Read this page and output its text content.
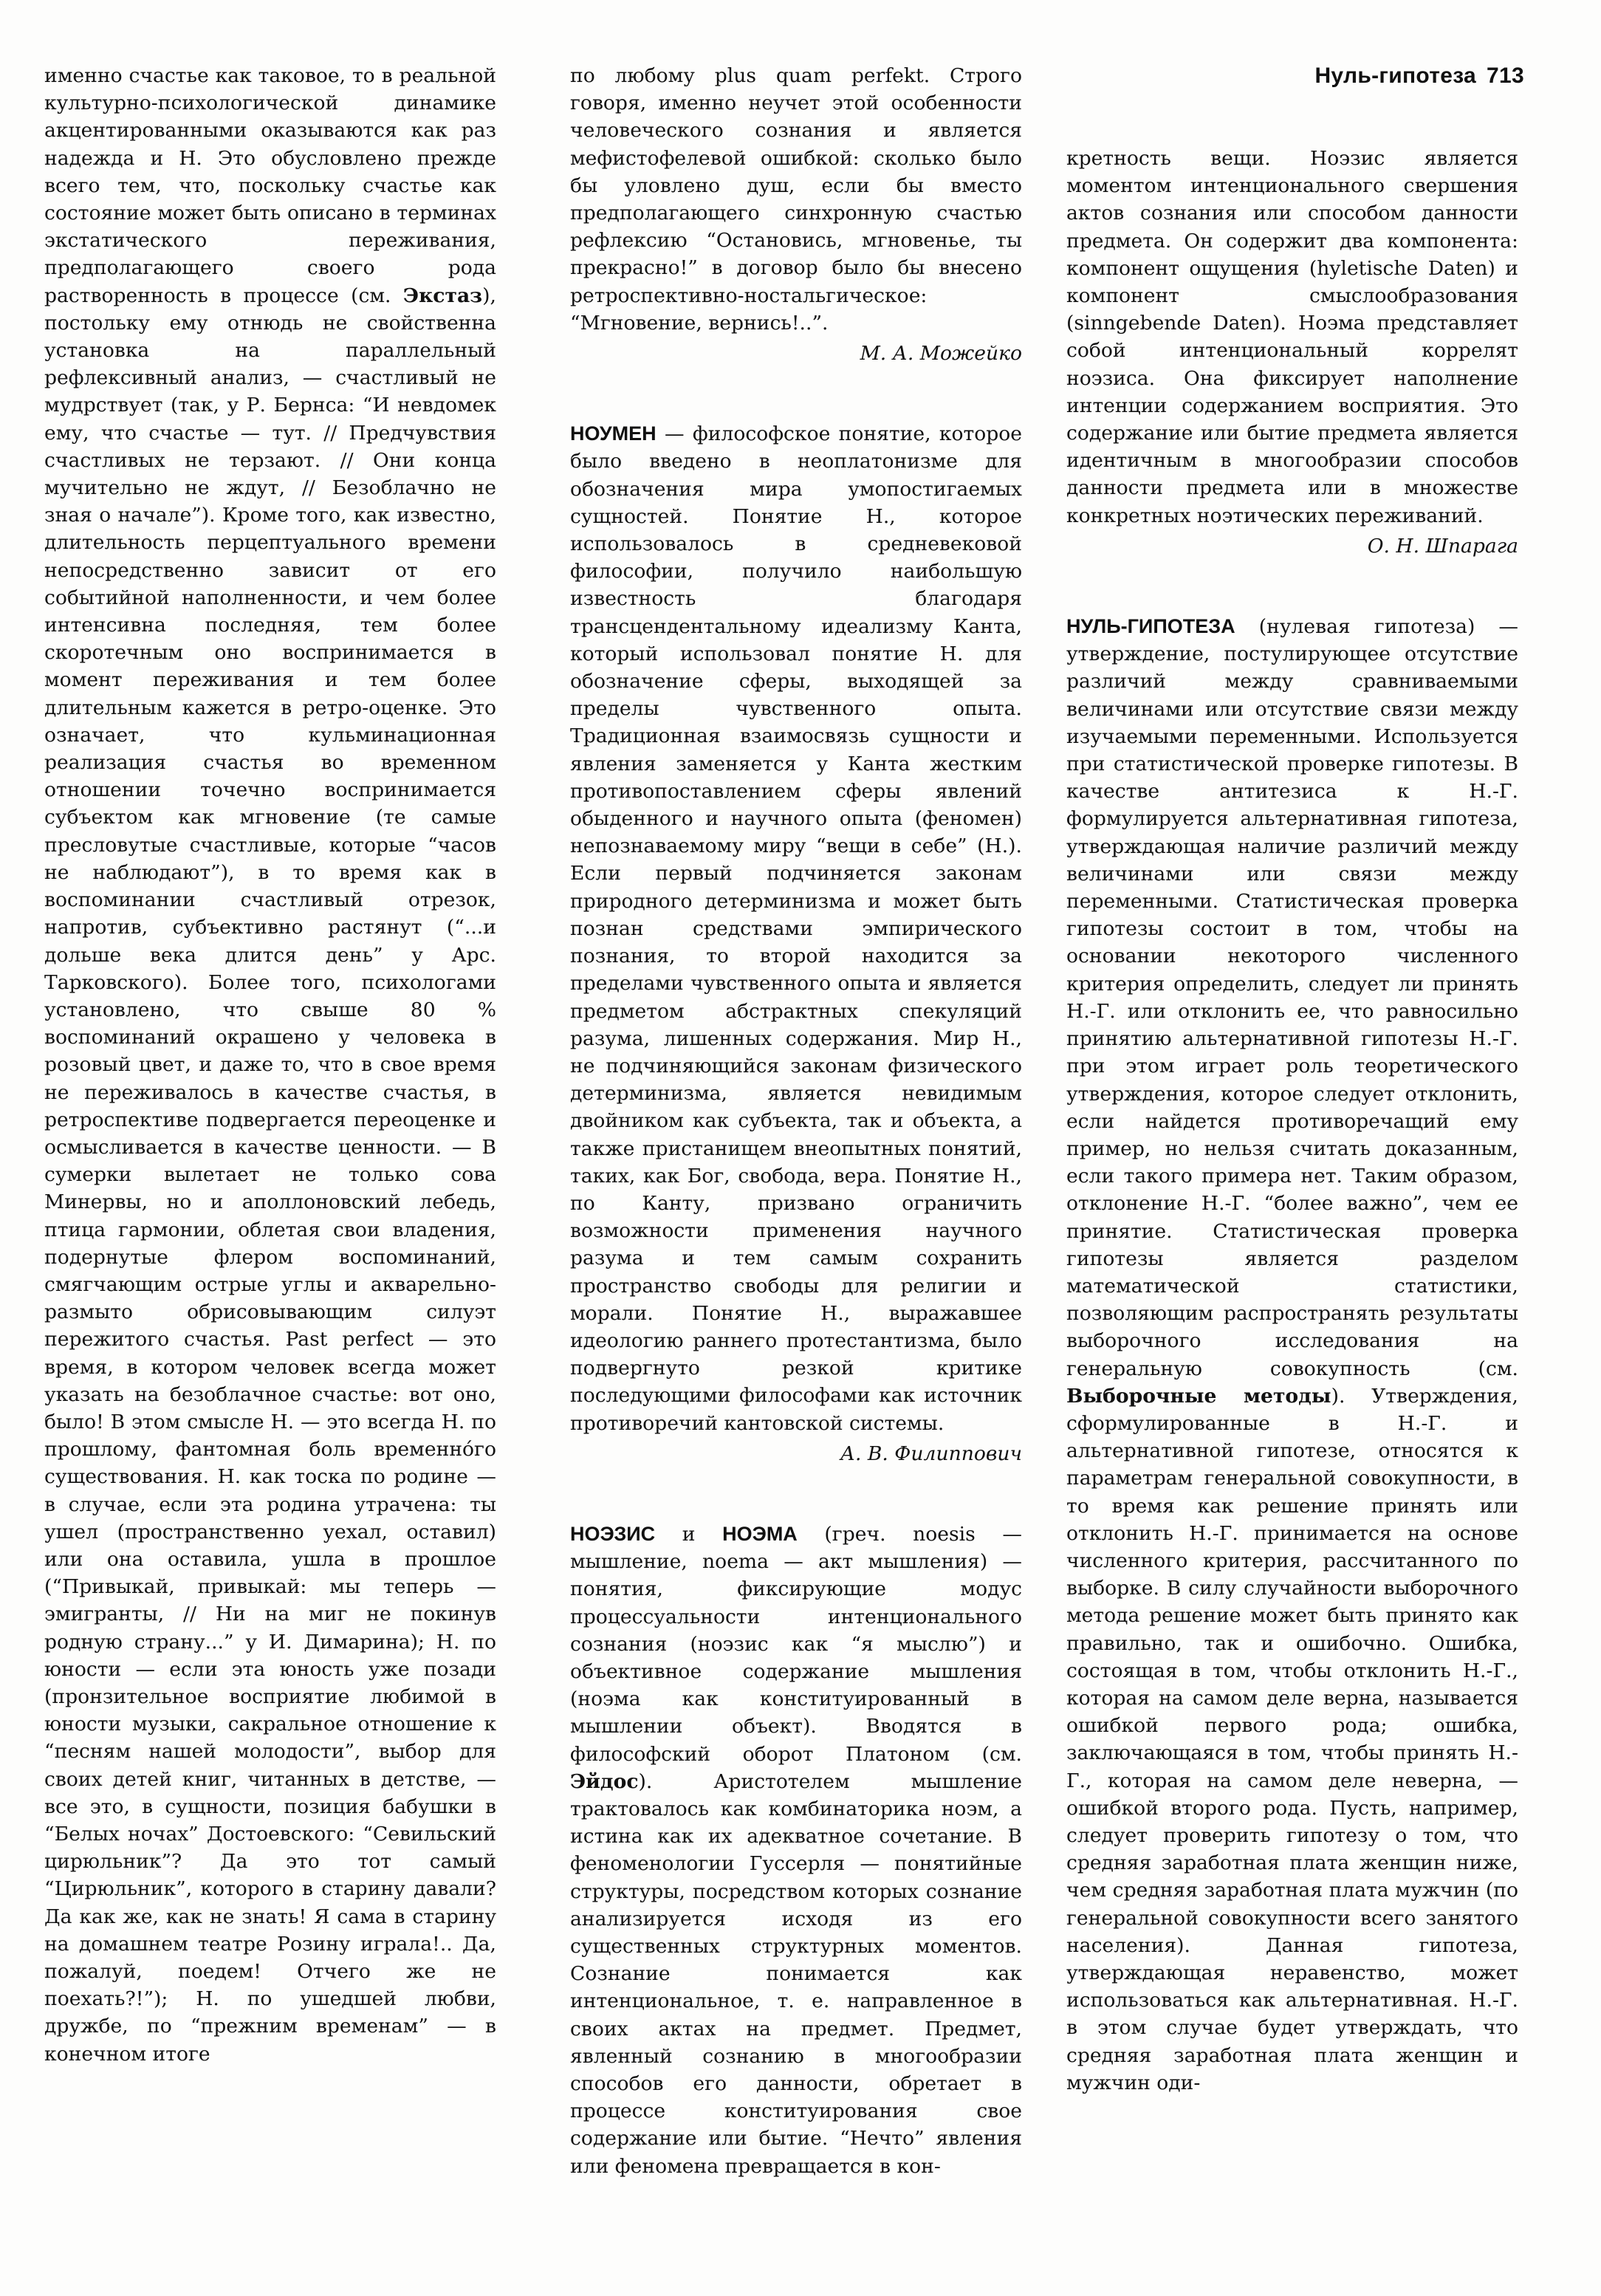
Нуль-гипотеза 713

именно счастье как таковое, то в реальной культурно-психологической динамике акцентированными оказываются как раз надежда и Н. Это обусловлено прежде всего тем, что, поскольку счастье как состояние может быть описано в терминах экстатического переживания, предполагающего своего рода растворенность в процессе (см. Экстаз), постольку ему отнюдь не свойственна установка на параллельный рефлексивный анализ, — счастливый не мудрствует (так, у Р. Бернса: “И невдомек ему, что счастье — тут. // Предчувствия счастливых не терзают. // Они конца мучительно не ждут, // Безоблачно не зная о начале”). Кроме того, как известно, длительность перцептуального времени непосредственно зависит от его событийной наполненности, и чем более интенсивна последняя, тем более скоротечным оно воспринимается в момент переживания и тем более длительным кажется в ретро-оценке. Это означает, что кульминационная реализация счастья во временном отношении точечно воспринимается субъектом как мгновение (те самые пресловутые счастливые, которые “часов не наблюдают”), в то время как в воспоминании счастливый отрезок, напротив, субъективно растянут (“...и дольше века длится день” у Арс. Тарковского). Более того, психологами установлено, что свыше 80 % воспоминаний окрашено у человека в розовый цвет, и даже то, что в свое время не переживалось в качестве счастья, в ретроспективе подвергается переоценке и осмысливается в качестве ценности. — В сумерки вылетает не только сова Минервы, но и аполлоновский лебедь, птица гармонии, облетая свои владения, подернутые флером воспоминаний, смягчающим острые углы и акварельно-размыто обрисовывающим силуэт пережитого счастья. Past perfect — это время, в котором человек всегда может указать на безоблачное счастье: вот оно, было! В этом смысле Н. — это всегда Н. по прошлому, фантомная боль временно́го существования. Н. как тоска по родине — в случае, если эта родина утрачена: ты ушел (пространственно уехал, оставил) или она оставила, ушла в прошлое (“Привыкай, привыкай: мы теперь — эмигранты, // Ни на миг не покинув родную страну...” у И. Димарина); Н. по юности — если эта юность уже позади (пронзительное восприятие любимой в юности музыки, сакральное отношение к “песням нашей молодости”, выбор для своих детей книг, читанных в детстве, — все это, в сущности, позиция бабушки в “Белых ночах” Достоевского: “Севильский цирюльник”? Да это тот самый “Цирюльник”, которого в старину давали? Да как же, как не знать! Я сама в старину на домашнем театре Розину играла!.. Да, пожалуй, поедем! Отчего же не поехать?!”); Н. по ушедшей любви, дружбе, по “прежним временам” — в конечном итоге

по любому plus quam perfekt. Строго говоря, именно неучет этой особенности человеческого сознания и является мефистофелевой ошибкой: сколько было бы уловлено душ, если бы вместо предполагающего синхронную счастью рефлексию “Остановись, мгновенье, ты прекрасно!” в договор было бы внесено ретроспективно-ностальгическое: “Мгновение, вернись!..”.

М. А. Можейко

НОУМЕН — философское понятие, которое было введено в неоплатонизме для обозначения мира умопостигаемых сущностей. Понятие Н., которое использовалось в средневековой философии, получило наибольшую известность благодаря трансцендентальному идеализму Канта, который использовал понятие Н. для обозначение сферы, выходящей за пределы чувственного опыта. Традиционная взаимосвязь сущности и явления заменяется у Канта жестким противопоставлением сферы явлений обыденного и научного опыта (феномен) непознаваемому миру “вещи в себе” (Н.). Если первый подчиняется законам природного детерминизма и может быть познан средствами эмпирического познания, то второй находится за пределами чувственного опыта и является предметом абстрактных спекуляций разума, лишенных содержания. Мир Н., не подчиняющийся законам физического детерминизма, является невидимым двойником как субъекта, так и объекта, а также пристанищем внеопытных понятий, таких, как Бог, свобода, вера. Понятие Н., по Канту, призвано ограничить возможности применения научного разума и тем самым сохранить пространство свободы для религии и морали. Понятие Н., выражавшее идеологию раннего протестантизма, было подвергнуто резкой критике последующими философами как источник противоречий кантовской системы.

А. В. Филиппович

НОЭЗИС и НОЭМА (греч. noesis — мышление, noema — акт мышления) — понятия, фиксирующие модус процессуальности интенционального сознания (ноэзис как “я мыслю”) и объективное содержание мышления (ноэма как конституированный в мышлении объект). Вводятся в философский оборот Платоном (см. Эйдос). Аристотелем мышление трактовалось как комбинаторика ноэм, а истина как их адекватное сочетание. В феноменологии Гуссерля — понятийные структуры, посредством которых сознание анализируется исходя из его существенных структурных моментов. Сознание понимается как интенциональное, т. е. направленное в своих актах на предмет. Предмет, явленный сознанию в многообразии способов его данности, обретает в процессе конституирования свое содержание или бытие. “Нечто” явления или феномена превращается в кон-

кретность вещи. Ноэзис является моментом интенционального свершения актов сознания или способом данности предмета. Он содержит два компонента: компонент ощущения (hyletische Daten) и компонент смыслообразования (sinngebende Daten). Ноэма представляет собой интенциональный коррелят ноэзиса. Она фиксирует наполнение интенции содержанием восприятия. Это содержание или бытие предмета является идентичным в многообразии способов данности предмета или в множестве конкретных ноэтических переживаний.

О. Н. Шпарага

НУЛЬ-ГИПОТЕЗА (нулевая гипотеза) — утверждение, постулирующее отсутствие различий между сравниваемыми величинами или отсутствие связи между изучаемыми переменными. Используется при статистической проверке гипотезы. В качестве антитезиса к Н.-Г. формулируется альтернативная гипотеза, утверждающая наличие различий между величинами или связи между переменными. Статистическая проверка гипотезы состоит в том, чтобы на основании некоторого численного критерия определить, следует ли принять Н.-Г. или отклонить ее, что равносильно принятию альтернативной гипотезы Н.-Г. при этом играет роль теоретического утверждения, которое следует отклонить, если найдется противоречащий ему пример, но нельзя считать доказанным, если такого примера нет. Таким образом, отклонение Н.-Г. “более важно”, чем ее принятие. Статистическая проверка гипотезы является разделом математической статистики, позволяющим распространять результаты выборочного исследования на генеральную совокупность (см. Выборочные методы). Утверждения, сформулированные в Н.-Г. и альтернативной гипотезе, относятся к параметрам генеральной совокупности, в то время как решение принять или отклонить Н.-Г. принимается на основе численного критерия, рассчитанного по выборке. В силу случайности выборочного метода решение может быть принято как правильно, так и ошибочно. Ошибка, состоящая в том, чтобы отклонить Н.-Г., которая на самом деле верна, называется ошибкой первого рода; ошибка, заключающаяся в том, чтобы принять Н.-Г., которая на самом деле неверна, — ошибкой второго рода. Пусть, например, следует проверить гипотезу о том, что средняя заработная плата женщин ниже, чем средняя заработная плата мужчин (по генеральной совокупности всего занятого населения). Данная гипотеза, утверждающая неравенство, может использоваться как альтернативная. Н.-Г. в этом случае будет утверждать, что средняя заработная плата женщин и мужчин оди-
